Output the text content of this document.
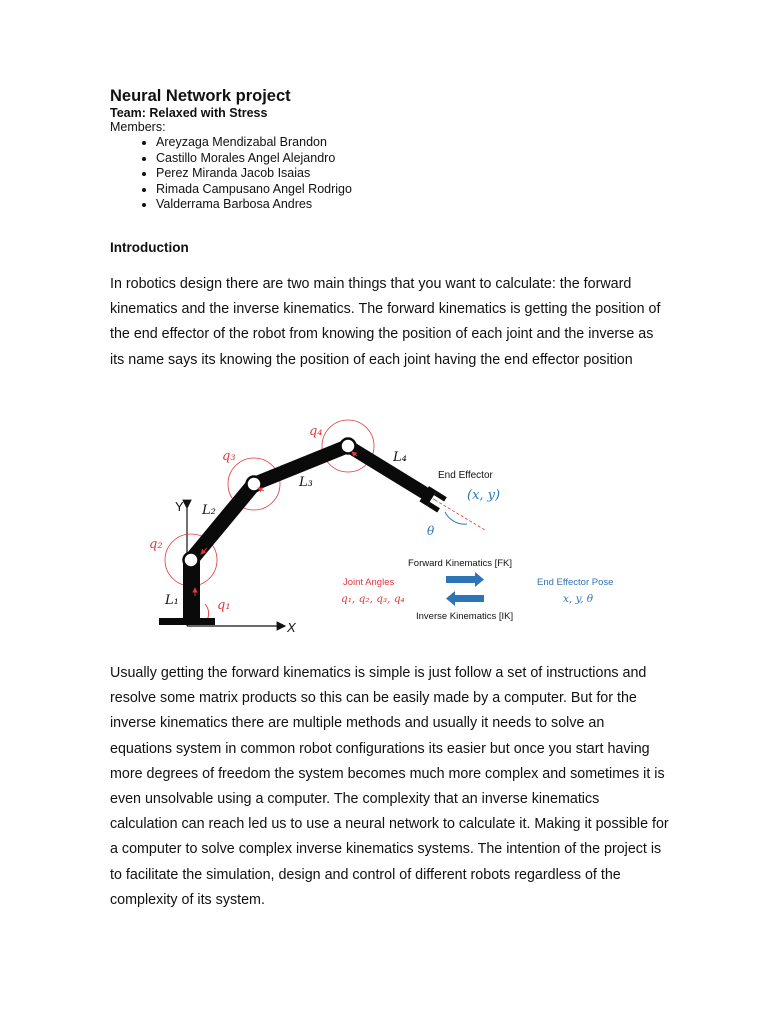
Neural Network project
Team: Relaxed with Stress
Members:
• Areyzaga Mendizabal Brandon
• Castillo Morales Angel Alejandro
• Perez Miranda Jacob Isaias
• Rimada Campusano Angel Rodrigo
• Valderrama Barbosa Andres
Introduction

In robotics design there are two main things that you want to calculate: the forward kinematics and the inverse kinematics. The forward kinematics is getting the position of the end effector of the robot from knowing the position of each joint and the inverse as its name says its knowing the position of each joint having the end effector position

Y
X
L₁
L₂
L₃
L₄
q₁
q₂
q₃
q₄
End Effector
(x, y)
θ
Forward Kinematics [FK]
Inverse Kinematics [IK]
Joint Angles
q₁, q₂, q₃, q₄
End Effector Pose
x, y, θ

Usually getting the forward kinematics is simple is just follow a set of instructions and resolve some matrix products so this can be easily made by a computer. But for the inverse kinematics there are multiple methods and usually it needs to solve an equations system in common robot configurations its easier but once you start having more degrees of freedom the system becomes much more complex and sometimes it is even unsolvable using a computer. The complexity that an inverse kinematics calculation can reach led us to use a neural network to calculate it. Making it possible for a computer to solve complex inverse kinematics systems. The intention of the project is to facilitate the simulation, design and control of different robots regardless of the complexity of its system.
